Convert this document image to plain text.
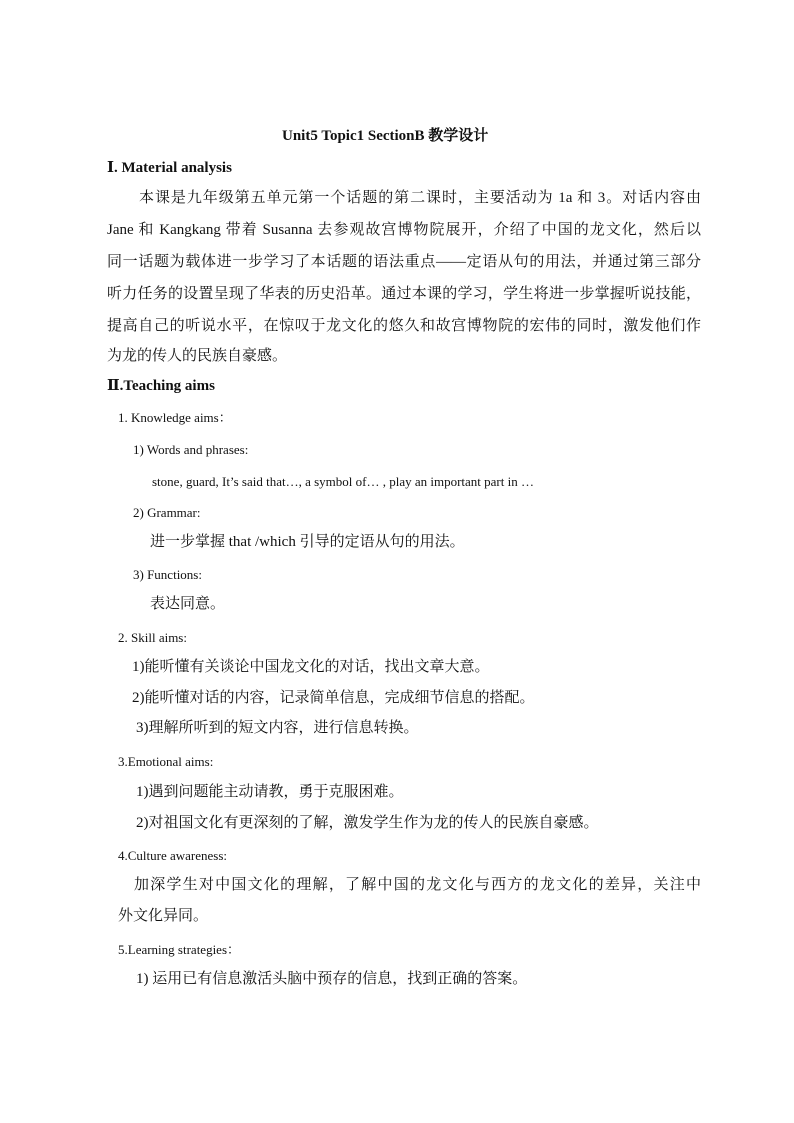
Unit5 Topic1 SectionB 教学设计
Ⅰ. Material analysis
本课是九年级第五单元第一个话题的第二课时，主要活动为 1a 和 3。对话内容由
Jane 和 Kangkang 带着 Susanna 去参观故宫博物院展开，介绍了中国的龙文化，然后以
同一话题为载体进一步学习了本话题的语法重点——定语从句的用法，并通过第三部分
听力任务的设置呈现了华表的历史沿革。通过本课的学习，学生将进一步掌握听说技能，
提高自己的听说水平，在惊叹于龙文化的悠久和故宫博物院的宏伟的同时，激发他们作
为龙的传人的民族自豪感。
Ⅱ.Teaching aims
1. Knowledge aims：
1) Words and phrases:
stone, guard, It’s said that…, a symbol of… , play an important part in …
2) Grammar:
进一步掌握 that /which 引导的定语从句的用法。
3) Functions:
表达同意。
2. Skill aims:
1)能听懂有关谈论中国龙文化的对话，找出文章大意。
2)能听懂对话的内容，记录简单信息，完成细节信息的搭配。
3)理解所听到的短文内容，进行信息转换。
3.Emotional aims:
1)遇到问题能主动请教，勇于克服困难。
2)对祖国文化有更深刻的了解，激发学生作为龙的传人的民族自豪感。
4.Culture awareness:
加深学生对中国文化的理解，了解中国的龙文化与西方的龙文化的差异，关注中
外文化异同。
5.Learning strategies：
1) 运用已有信息激活头脑中预存的信息，找到正确的答案。
